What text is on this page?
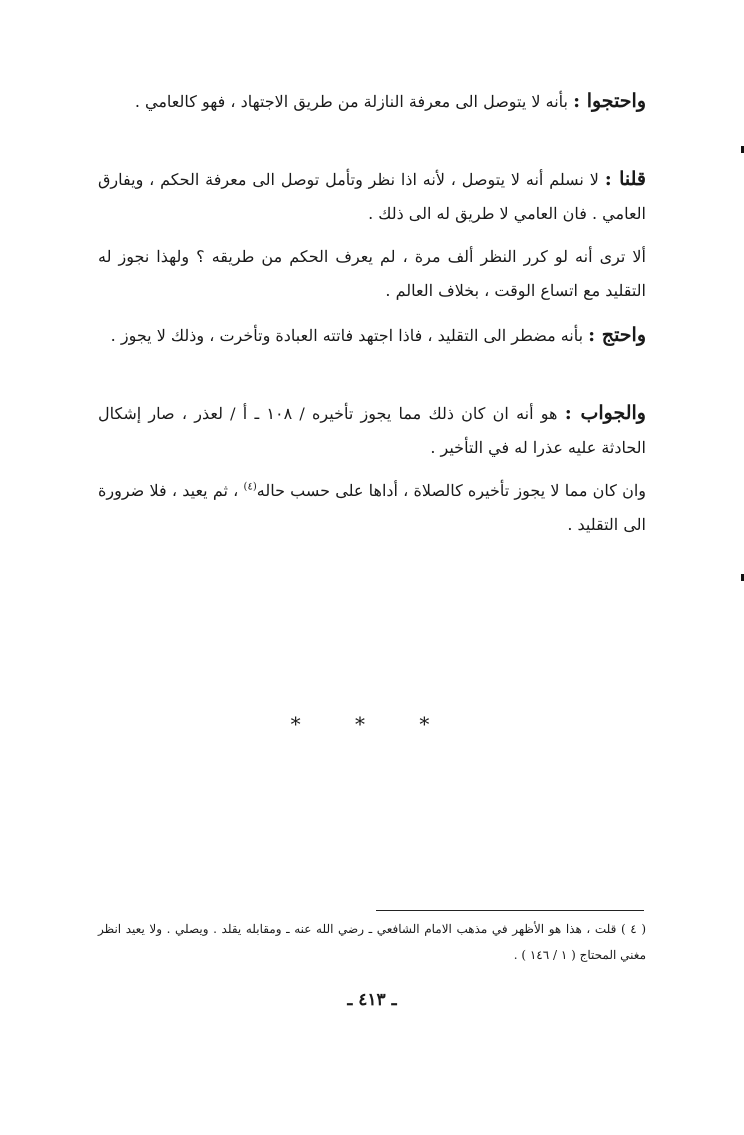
واحتجوا : بأنه لا يتوصل الى معرفة النازلة من طريق الاجتهاد ، فهو كالعامي .

قلنا : لا نسلم أنه لا يتوصل ، لأنه اذا نظر وتأمل توصل الى معرفة الحكم ، ويفارق العامي . فان العامي لا طريق له الى ذلك .

ألا ترى أنه لو كرر النظر ألف مرة ، لم يعرف الحكم من طريقه ؟ ولهذا نجوز له التقليد مع اتساع الوقت ، بخلاف العالم .

واحتج : بأنه مضطر الى التقليد ، فاذا اجتهد فاتته العبادة وتأخرت ، وذلك لا يجوز .

والجواب : هو أنه ان كان ذلك مما يجوز تأخيره / ١٠٨ ـ أ / لعذر ، صار إشكال الحادثة عليه عذرا له في التأخير .

وان كان مما لا يجوز تأخيره كالصلاة ، أداها على حسب حاله$^{(٤)}$ ، ثم يعيد ، فلا ضرورة الى التقليد .

* * *
( ٤ ) قلت ، هذا هو الأظهر في مذهب الامام الشافعي ـ رضي الله عنه ـ ومقابله يقلد . ويصلي . ولا يعيد انظر مغني المحتاج ( ١ / ١٤٦ ) .
ـ ٤١٣ ـ
